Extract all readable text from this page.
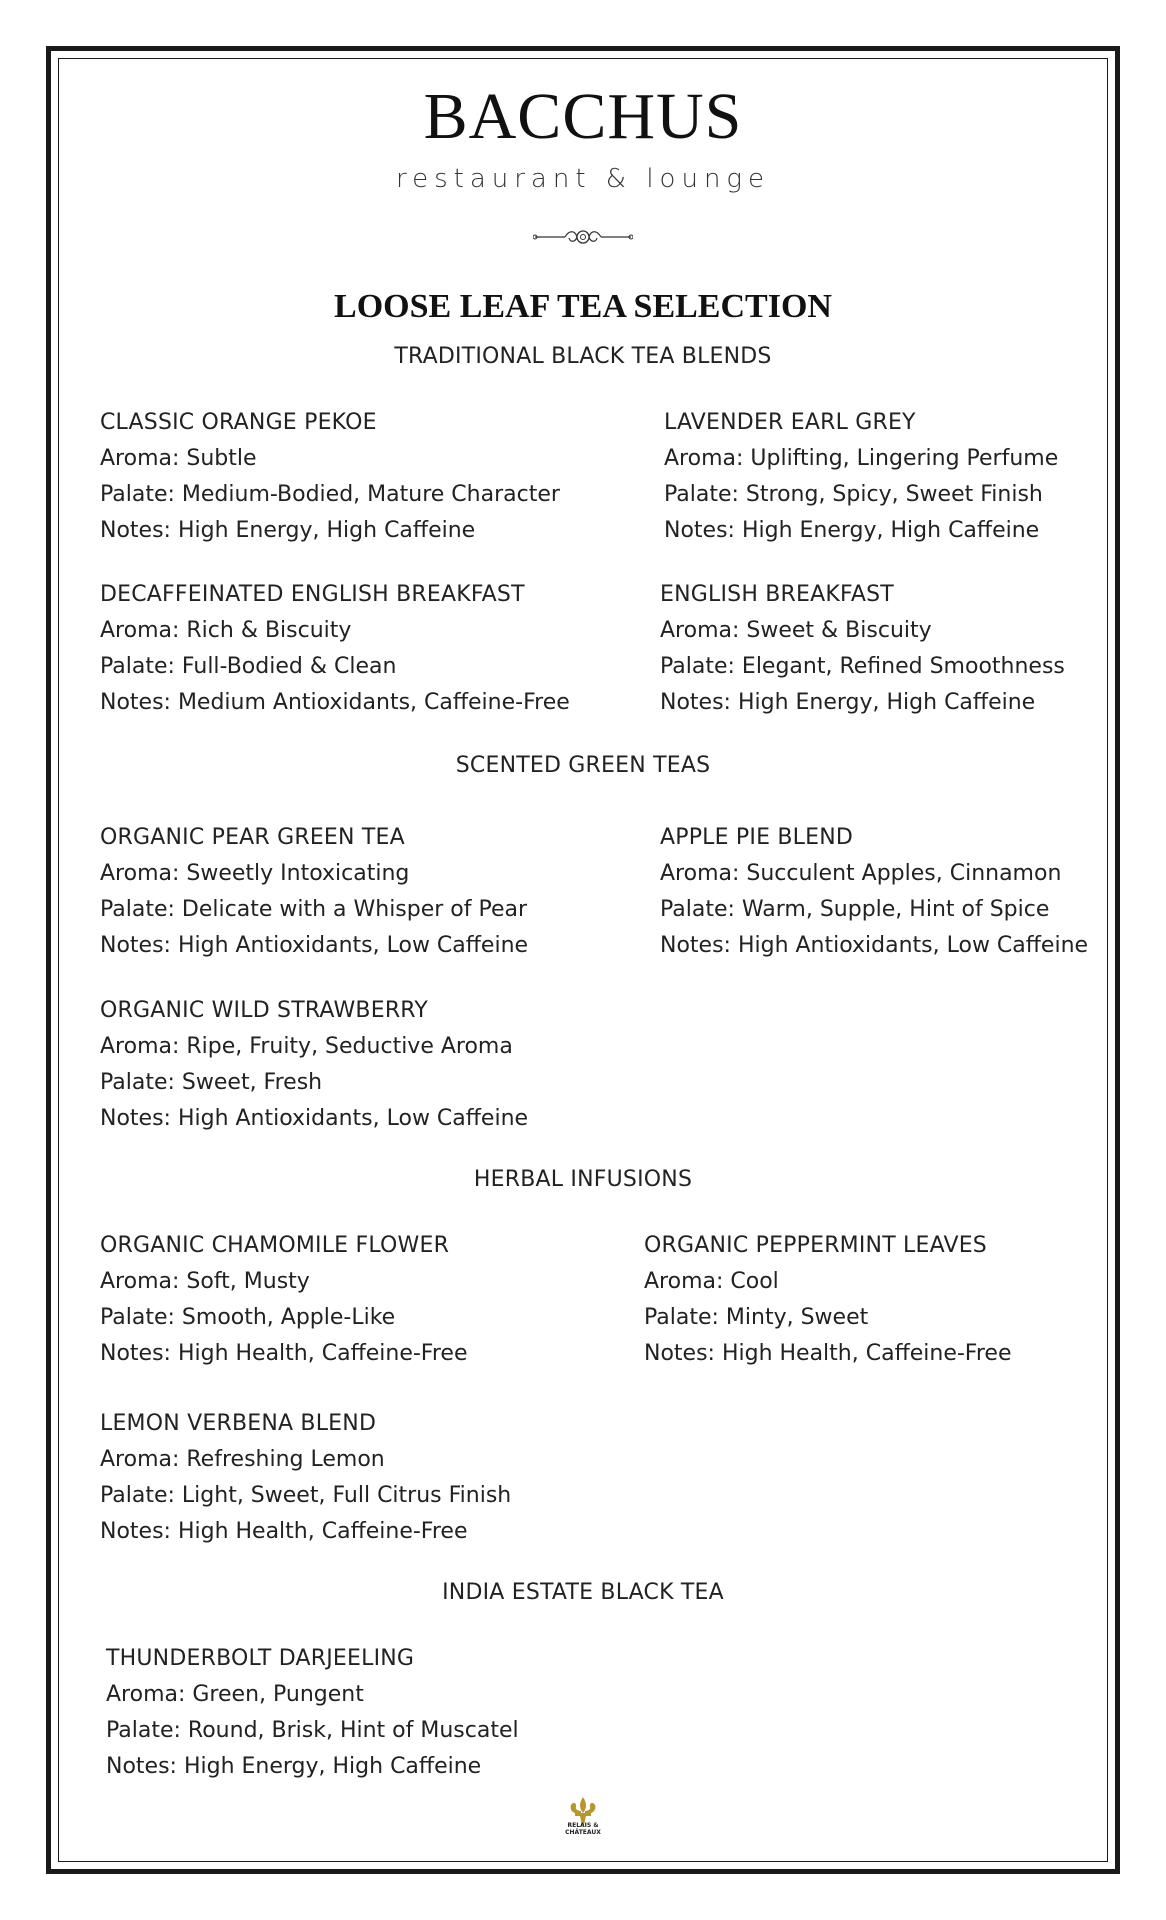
BACCHUS
restaurant & lounge
LOOSE LEAF TEA SELECTION
TRADITIONAL BLACK TEA BLENDS
CLASSIC ORANGE PEKOE
Aroma: Subtle
Palate: Medium-Bodied, Mature Character
Notes: High Energy, High Caffeine
LAVENDER EARL GREY
Aroma: Uplifting, Lingering Perfume
Palate: Strong, Spicy, Sweet Finish
Notes: High Energy, High Caffeine
DECAFFEINATED ENGLISH BREAKFAST
Aroma: Rich & Biscuity
Palate: Full-Bodied & Clean
Notes: Medium Antioxidants, Caffeine-Free
ENGLISH BREAKFAST
Aroma: Sweet & Biscuity
Palate: Elegant, Refined Smoothness
Notes: High Energy, High Caffeine
SCENTED GREEN TEAS
ORGANIC PEAR GREEN TEA
Aroma: Sweetly Intoxicating
Palate: Delicate with a Whisper of Pear
Notes: High Antioxidants, Low Caffeine
APPLE PIE BLEND
Aroma: Succulent Apples, Cinnamon
Palate: Warm, Supple, Hint of Spice
Notes: High Antioxidants, Low Caffeine
ORGANIC WILD STRAWBERRY
Aroma: Ripe, Fruity, Seductive Aroma
Palate: Sweet, Fresh
Notes: High Antioxidants, Low Caffeine
HERBAL INFUSIONS
ORGANIC CHAMOMILE FLOWER
Aroma: Soft, Musty
Palate: Smooth, Apple-Like
Notes: High Health, Caffeine-Free
ORGANIC PEPPERMINT LEAVES
Aroma: Cool
Palate: Minty, Sweet
Notes: High Health, Caffeine-Free
LEMON VERBENA BLEND
Aroma: Refreshing Lemon
Palate: Light, Sweet, Full Citrus Finish
Notes: High Health, Caffeine-Free
INDIA ESTATE BLACK TEA
THUNDERBOLT DARJEELING
Aroma: Green, Pungent
Palate: Round, Brisk, Hint of Muscatel
Notes: High Energy, High Caffeine
RELAIS &
CHÂTEAUX
